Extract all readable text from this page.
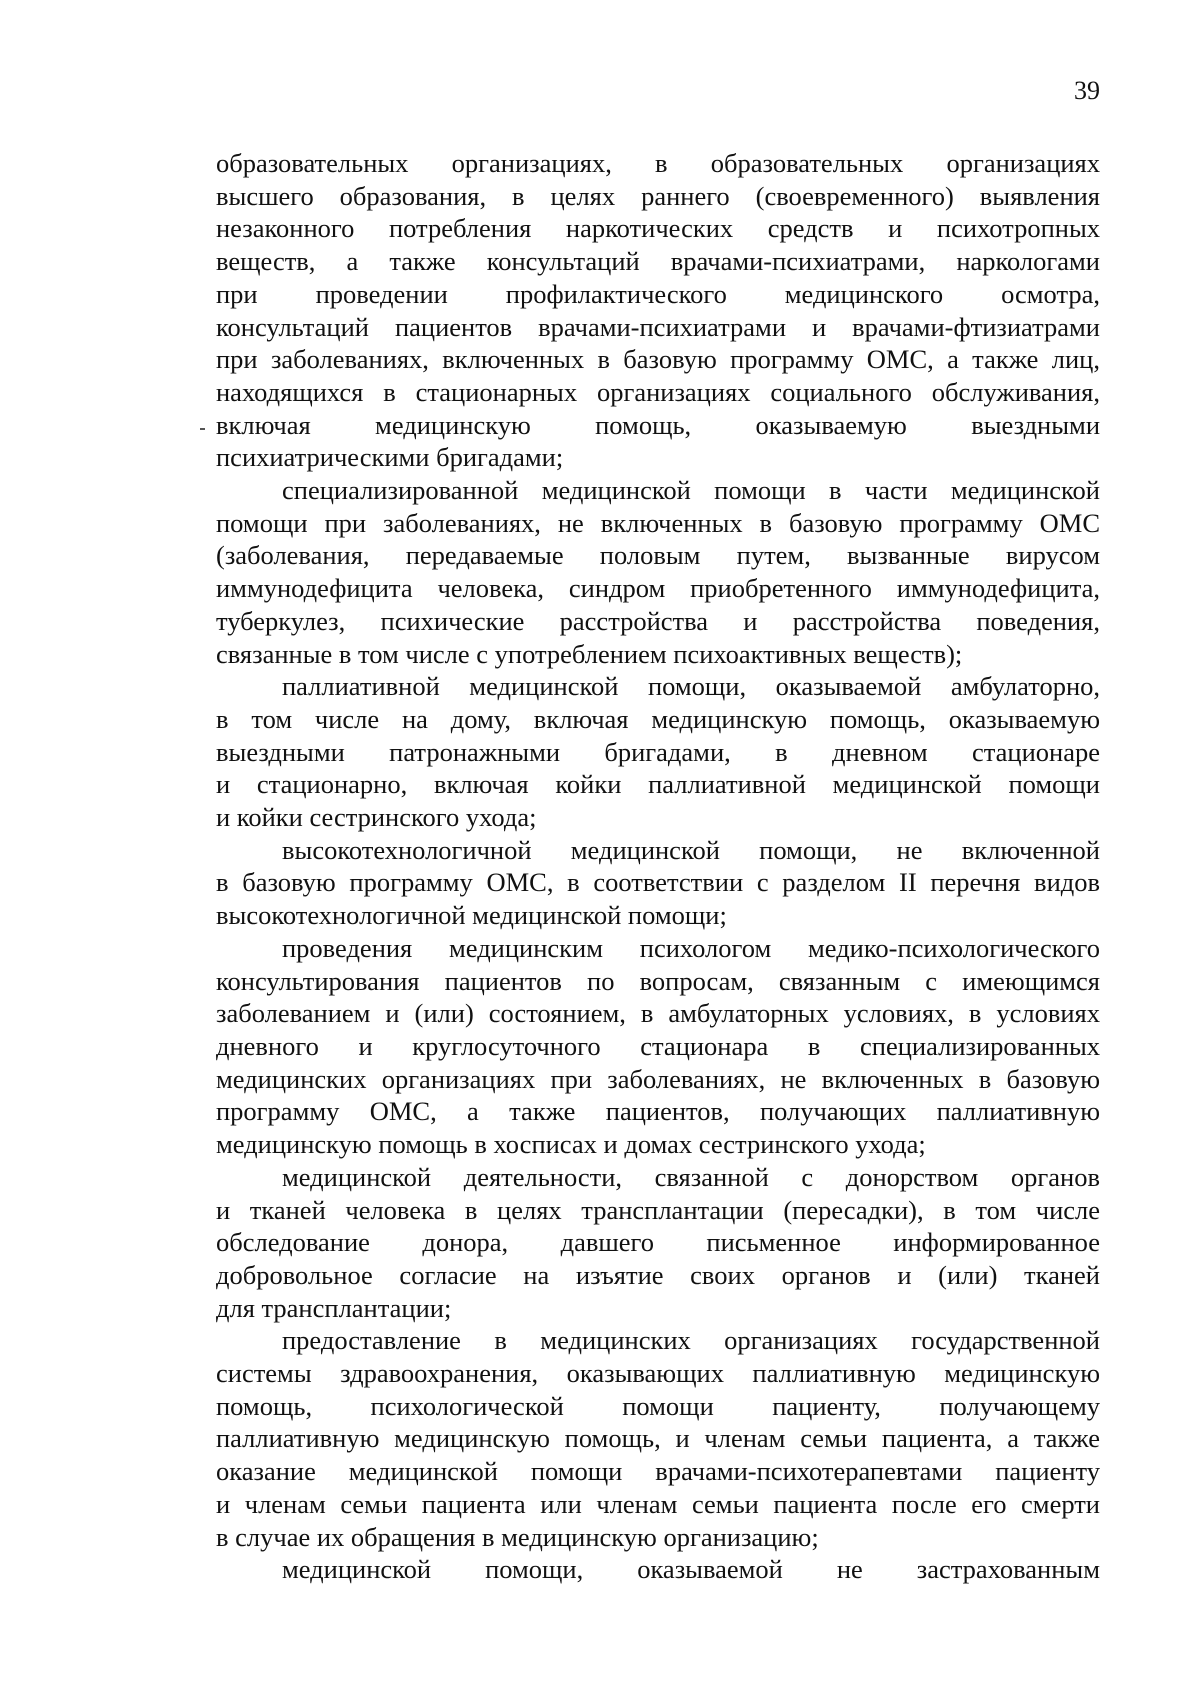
39
образовательных организациях, в образовательных организациях
высшего образования, в целях раннего (своевременного) выявления
незаконного потребления наркотических средств и психотропных
веществ, а также консультаций врачами-психиатрами, наркологами
при проведении профилактического медицинского осмотра,
консультаций пациентов врачами-психиатрами и врачами-фтизиатрами
при заболеваниях, включенных в базовую программу ОМС, а также лиц,
находящихся в стационарных организациях социального обслуживания,
включая медицинскую помощь, оказываемую выездными
психиатрическими бригадами;
специализированной медицинской помощи в части медицинской
помощи при заболеваниях, не включенных в базовую программу ОМС
(заболевания, передаваемые половым путем, вызванные вирусом
иммунодефицита человека, синдром приобретенного иммунодефицита,
туберкулез, психические расстройства и расстройства поведения,
связанные в том числе с употреблением психоактивных веществ);
паллиативной медицинской помощи, оказываемой амбулаторно,
в том числе на дому, включая медицинскую помощь, оказываемую
выездными патронажными бригадами, в дневном стационаре
и стационарно, включая койки паллиативной медицинской помощи
и койки сестринского ухода;
высокотехнологичной медицинской помощи, не включенной
в базовую программу ОМС, в соответствии с разделом II перечня видов
высокотехнологичной медицинской помощи;
проведения медицинским психологом медико-психологического
консультирования пациентов по вопросам, связанным с имеющимся
заболеванием и (или) состоянием, в амбулаторных условиях, в условиях
дневного и круглосуточного стационара в специализированных
медицинских организациях при заболеваниях, не включенных в базовую
программу ОМС, а также пациентов, получающих паллиативную
медицинскую помощь в хосписах и домах сестринского ухода;
медицинской деятельности, связанной с донорством органов
и тканей человека в целях трансплантации (пересадки), в том числе
обследование донора, давшего письменное информированное
добровольное согласие на изъятие своих органов и (или) тканей
для трансплантации;
предоставление в медицинских организациях государственной
системы здравоохранения, оказывающих паллиативную медицинскую
помощь, психологической помощи пациенту, получающему
паллиативную медицинскую помощь, и членам семьи пациента, а также
оказание медицинской помощи врачами-психотерапевтами пациенту
и членам семьи пациента или членам семьи пациента после его смерти
в случае их обращения в медицинскую организацию;
медицинской помощи, оказываемой не застрахованным
